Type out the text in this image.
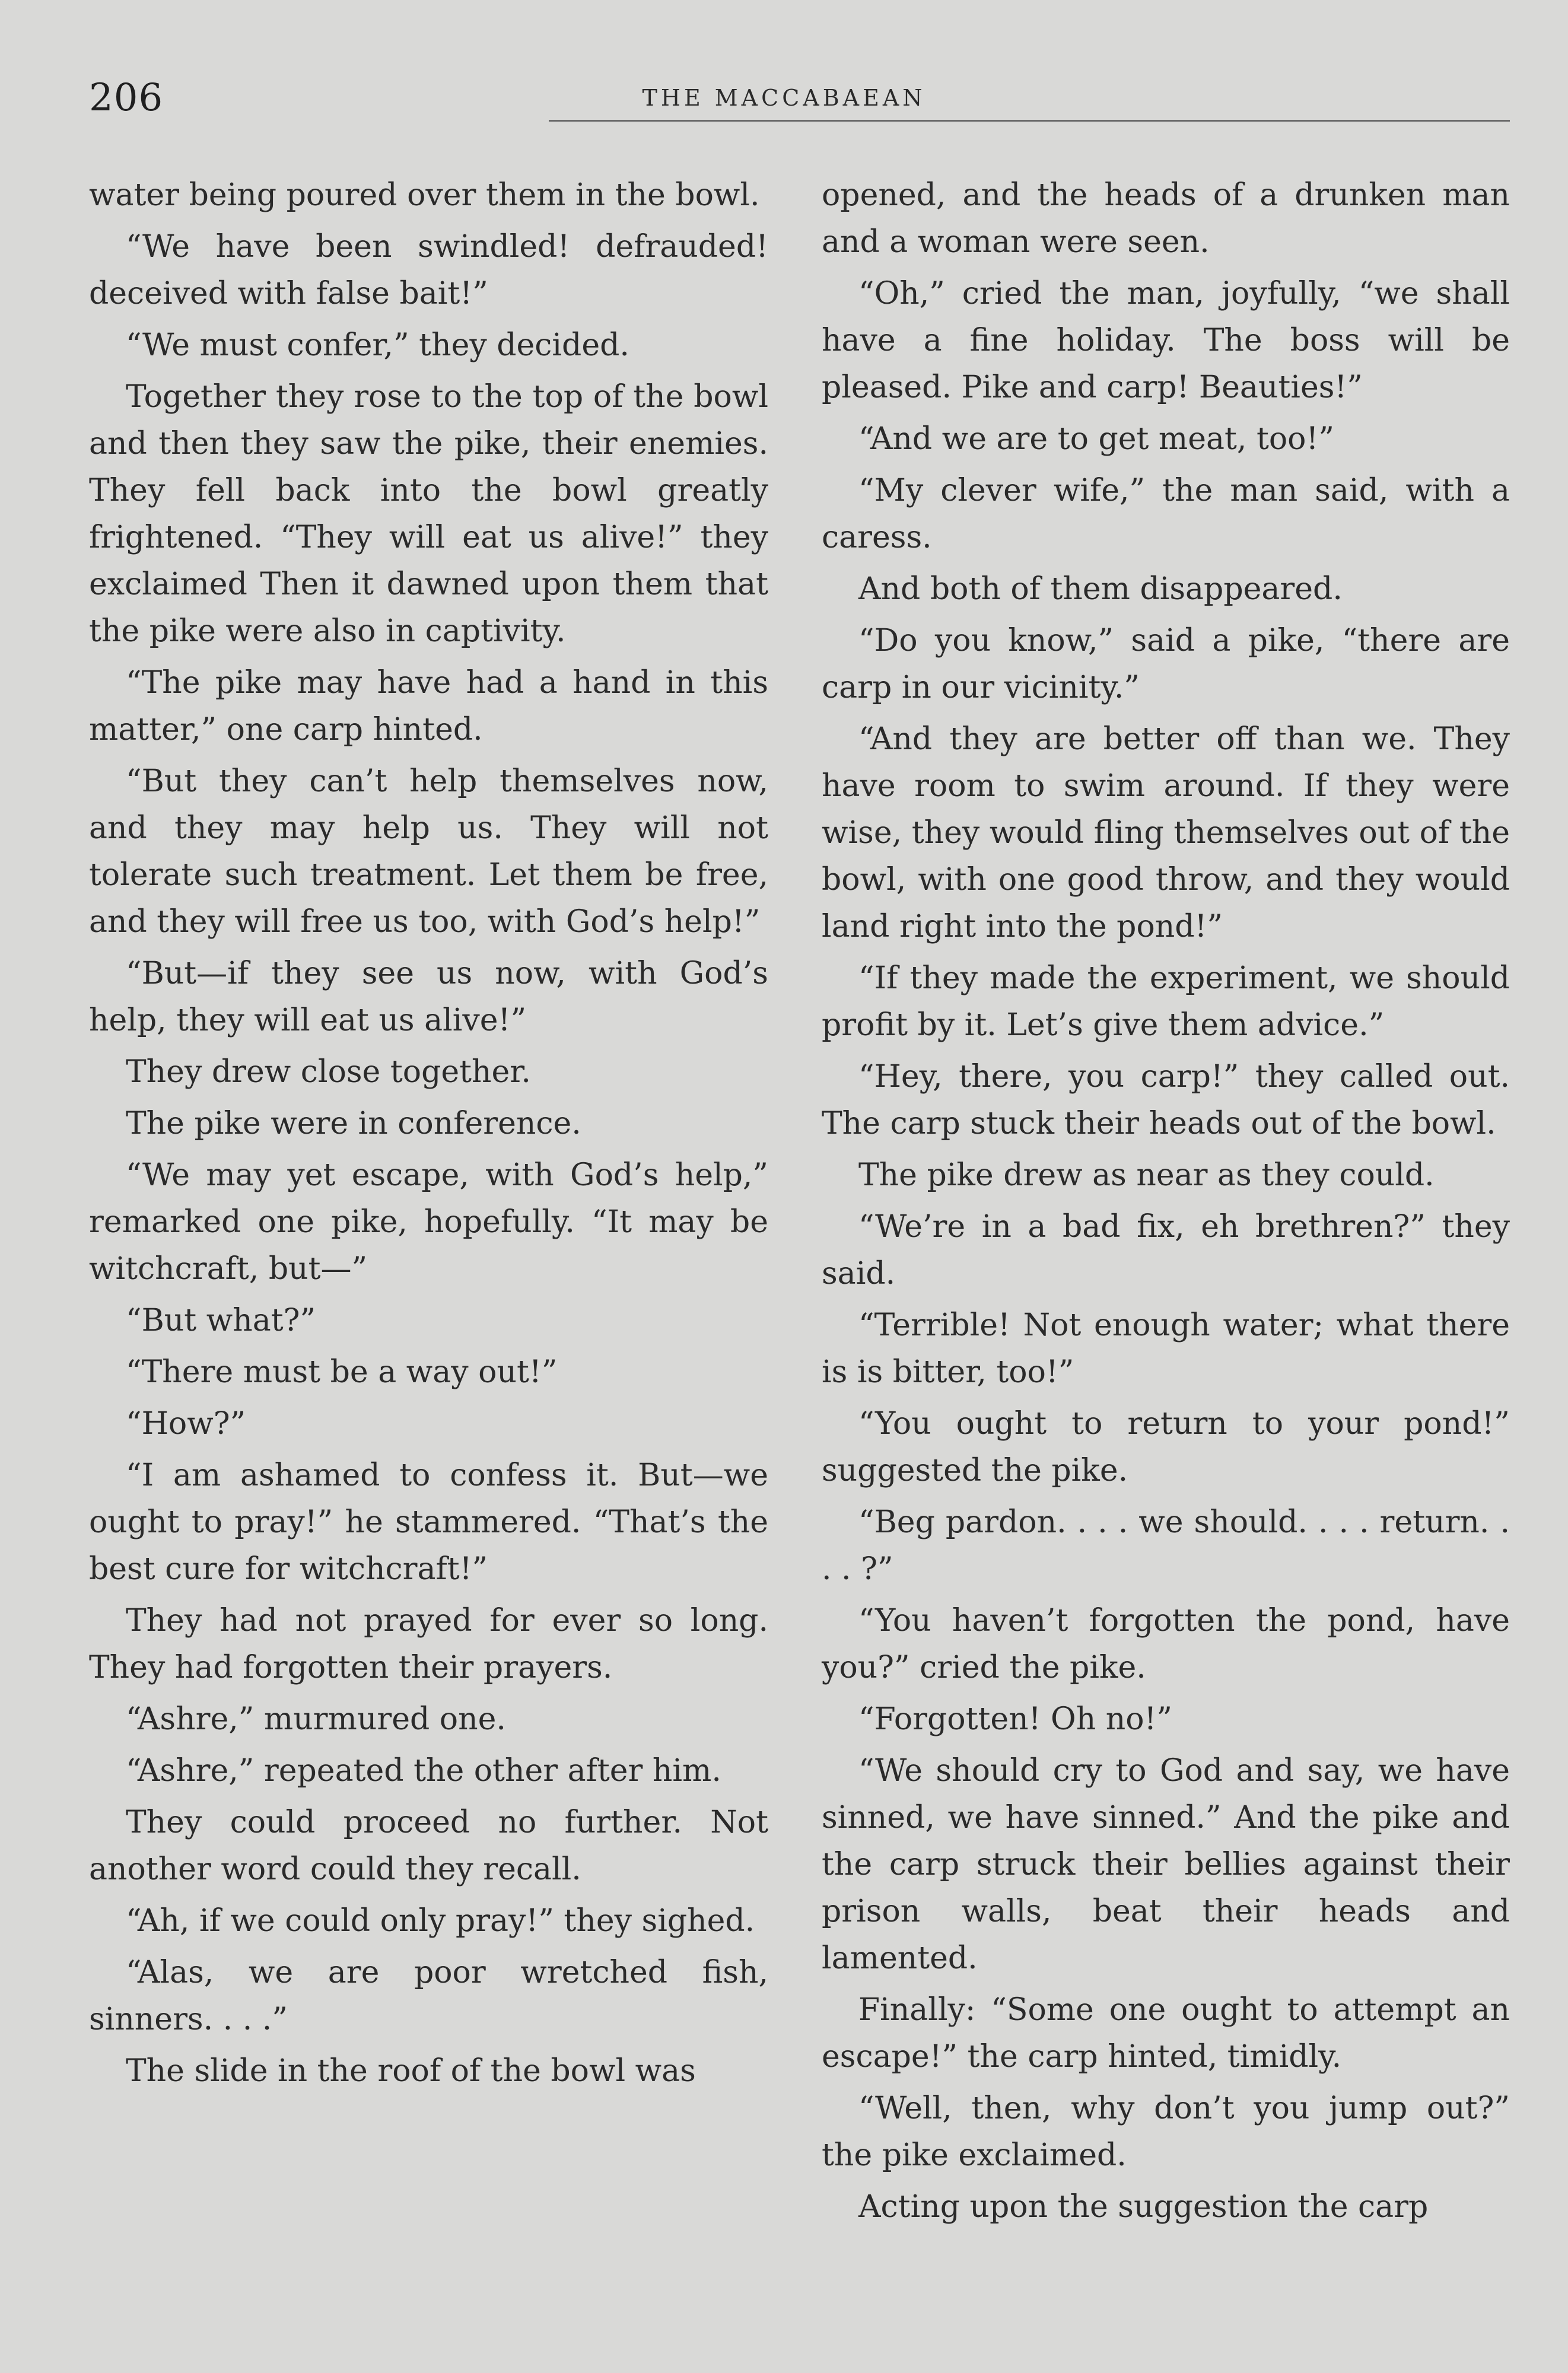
206	THE MACCABAEAN

water being poured over them in the bowl.

“We have been swindled! defrauded! deceived with false bait!”

“We must confer,” they decided.

Together they rose to the top of the bowl and then they saw the pike, their enemies. They fell back into the bowl greatly frightened. “They will eat us alive!” they exclaimed Then it dawned upon them that the pike were also in captivity.

“The pike may have had a hand in this matter,” one carp hinted.

“But they can’t help themselves now, and they may help us. They will not tolerate such treatment. Let them be free, and they will free us too, with God’s help!”

“But—if they see us now, with God’s help, they will eat us alive!”

They drew close together.

The pike were in conference.

“We may yet escape, with God’s help,” remarked one pike, hopefully. “It may be witchcraft, but—”

“But what?”

“There must be a way out!”

“How?”

“I am ashamed to confess it. But—we ought to pray!” he stammered. “That’s the best cure for witchcraft!”

They had not prayed for ever so long. They had forgotten their prayers.

“Ashre,” murmured one.

“Ashre,” repeated the other after him.

They could proceed no further. Not another word could they recall.

“Ah, if we could only pray!” they sighed.

“Alas, we are poor wretched fish, sinners. . . .”

The slide in the roof of the bowl was

opened, and the heads of a drunken man and a woman were seen.

“Oh,” cried the man, joyfully, “we shall have a fine holiday. The boss will be pleased. Pike and carp! Beauties!”

“And we are to get meat, too!”

“My clever wife,” the man said, with a caress.

And both of them disappeared.

“Do you know,” said a pike, “there are carp in our vicinity.”

“And they are better off than we. They have room to swim around. If they were wise, they would fling themselves out of the bowl, with one good throw, and they would land right into the pond!”

“If they made the experiment, we should profit by it. Let’s give them advice.”

“Hey, there, you carp!” they called out. The carp stuck their heads out of the bowl.

The pike drew as near as they could.

“We’re in a bad fix, eh brethren?” they said.

“Terrible! Not enough water; what there is is bitter, too!”

“You ought to return to your pond!” suggested the pike.

“Beg pardon. . . . we should. . . . return. . . . ?”

“You haven’t forgotten the pond, have you?” cried the pike.

“Forgotten! Oh no!”

“We should cry to God and say, we have sinned, we have sinned.” And the pike and the carp struck their bellies against their prison walls, beat their heads and lamented.

Finally: “Some one ought to attempt an escape!” the carp hinted, timidly.

“Well, then, why don’t you jump out?” the pike exclaimed.

Acting upon the suggestion the carp
